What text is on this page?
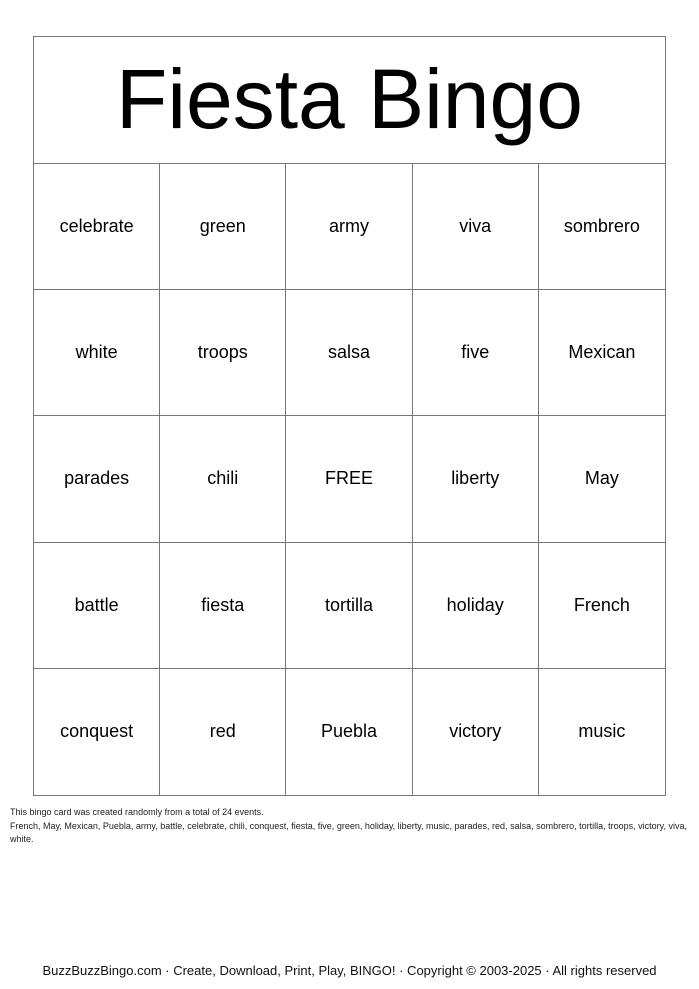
Fiesta Bingo
celebrate	green	army	viva	sombrero
white	troops	salsa	five	Mexican
parades	chili	FREE	liberty	May
battle	fiesta	tortilla	holiday	French
conquest	red	Puebla	victory	music
This bingo card was created randomly from a total of 24 events.
French, May, Mexican, Puebla, army, battle, celebrate, chili, conquest, fiesta, five, green, holiday, liberty, music, parades, red, salsa, sombrero, tortilla, troops, victory, viva, white.
BuzzBuzzBingo.com · Create, Download, Print, Play, BINGO! · Copyright © 2003-2025 · All rights reserved
